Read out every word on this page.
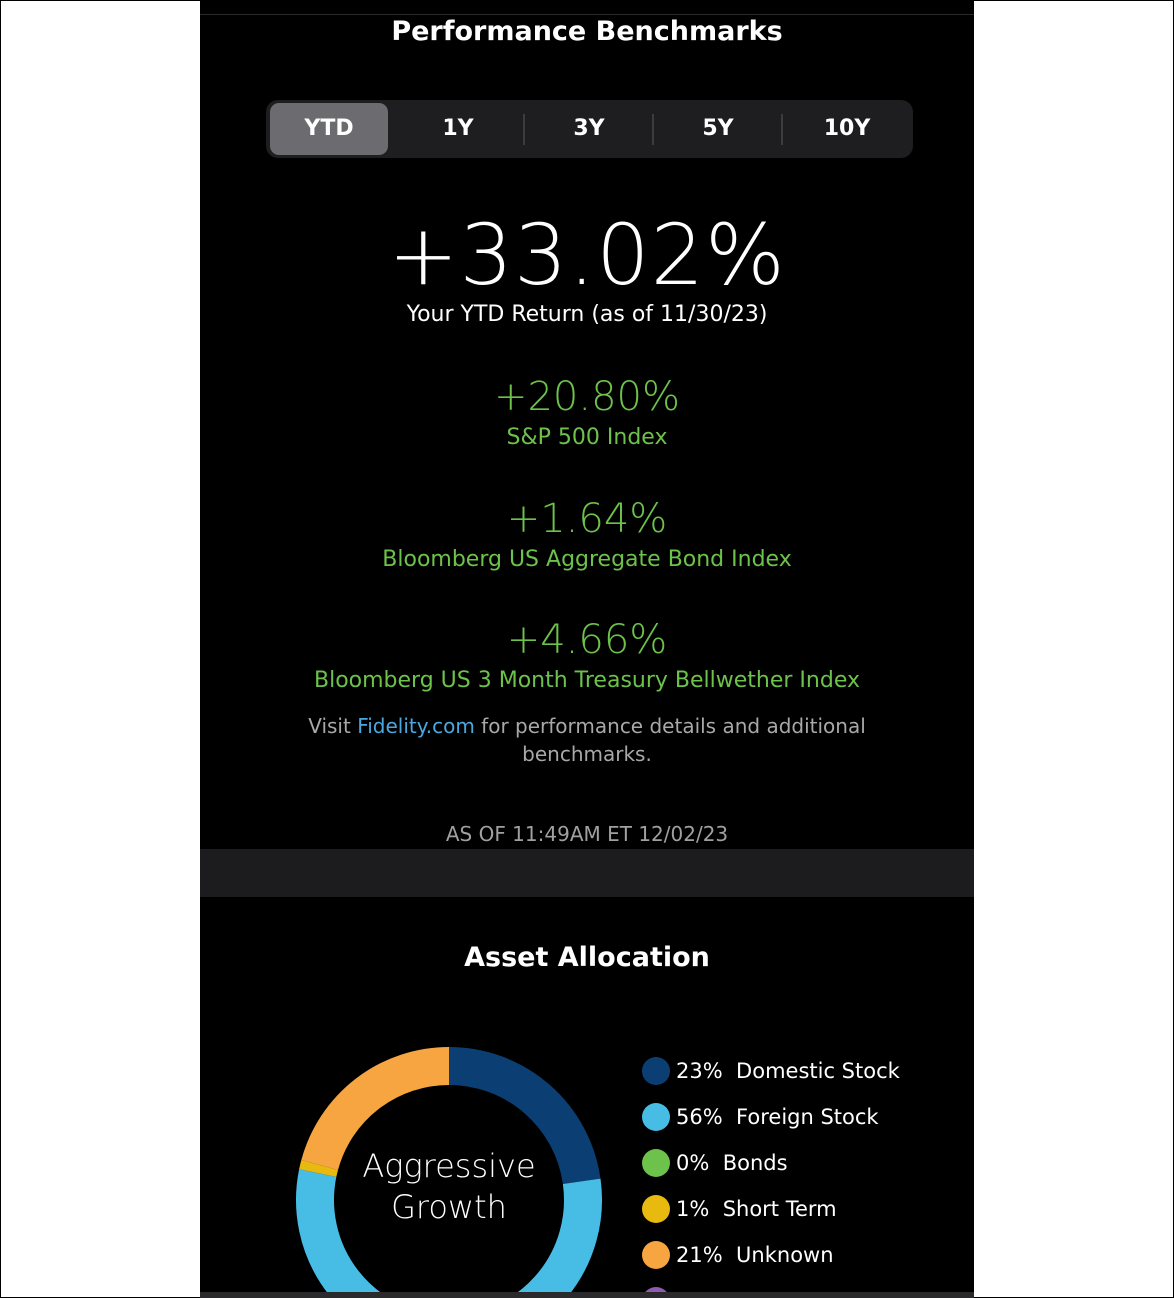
Performance Benchmarks
YTD	1Y	3Y	5Y	10Y
+33.02%
Your YTD Return (as of 11/30/23)
+20.80%
S&P 500 Index
+1.64%
Bloomberg US Aggregate Bond Index
+4.66%
Bloomberg US 3 Month Treasury Bellwether Index
Visit Fidelity.com for performance details and additional benchmarks.
AS OF 11:49AM ET 12/02/23
Asset Allocation
Aggressive
Growth
23% Domestic Stock
56% Foreign Stock
0% Bonds
1% Short Term
21% Unknown
